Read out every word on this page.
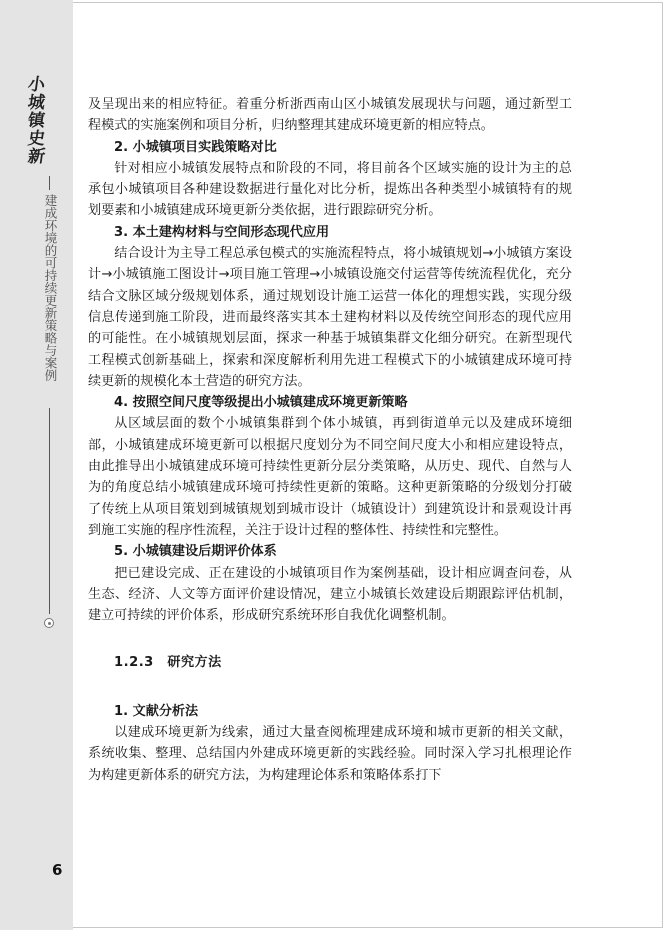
小
城
镇
史
新
建成环境的可持续更新策略与案例
6

及呈现出来的相应特征。着重分析浙西南山区小城镇发展现状与问题，通过新型工程模式的实施案例和项目分析，归纳整理其建成环境更新的相应特点。

2. 小城镇项目实践策略对比

针对相应小城镇发展特点和阶段的不同，将目前各个区域实施的设计为主的总承包小城镇项目各种建设数据进行量化对比分析，提炼出各种类型小城镇特有的规划要素和小城镇建成环境更新分类依据，进行跟踪研究分析。

3. 本土建构材料与空间形态现代应用

结合设计为主导工程总承包模式的实施流程特点，将小城镇规划→小城镇方案设计→小城镇施工图设计→项目施工管理→小城镇设施交付运营等传统流程优化，充分结合文脉区域分级规划体系，通过规划设计施工运营一体化的理想实践，实现分级信息传递到施工阶段，进而最终落实其本土建构材料以及传统空间形态的现代应用的可能性。在小城镇规划层面，探求一种基于城镇集群文化细分研究。在新型现代工程模式创新基础上，探索和深度解析利用先进工程模式下的小城镇建成环境可持续更新的规模化本土营造的研究方法。

4. 按照空间尺度等级提出小城镇建成环境更新策略

从区域层面的数个小城镇集群到个体小城镇，再到街道单元以及建成环境细部，小城镇建成环境更新可以根据尺度划分为不同空间尺度大小和相应建设特点，由此推导出小城镇建成环境可持续性更新分层分类策略，从历史、现代、自然与人为的角度总结小城镇建成环境可持续性更新的策略。这种更新策略的分级划分打破了传统上从项目策划到城镇规划到城市设计（城镇设计）到建筑设计和景观设计再到施工实施的程序性流程，关注于设计过程的整体性、持续性和完整性。

5. 小城镇建设后期评价体系

把已建设完成、正在建设的小城镇项目作为案例基础，设计相应调查问卷，从生态、经济、人文等方面评价建设情况，建立小城镇长效建设后期跟踪评估机制，建立可持续的评价体系，形成研究系统环形自我优化调整机制。

1.2.3　研究方法

1. 文献分析法

以建成环境更新为线索，通过大量查阅梳理建成环境和城市更新的相关文献，系统收集、整理、总结国内外建成环境更新的实践经验。同时深入学习扎根理论作为构建更新体系的研究方法，为构建理论体系和策略体系打下
